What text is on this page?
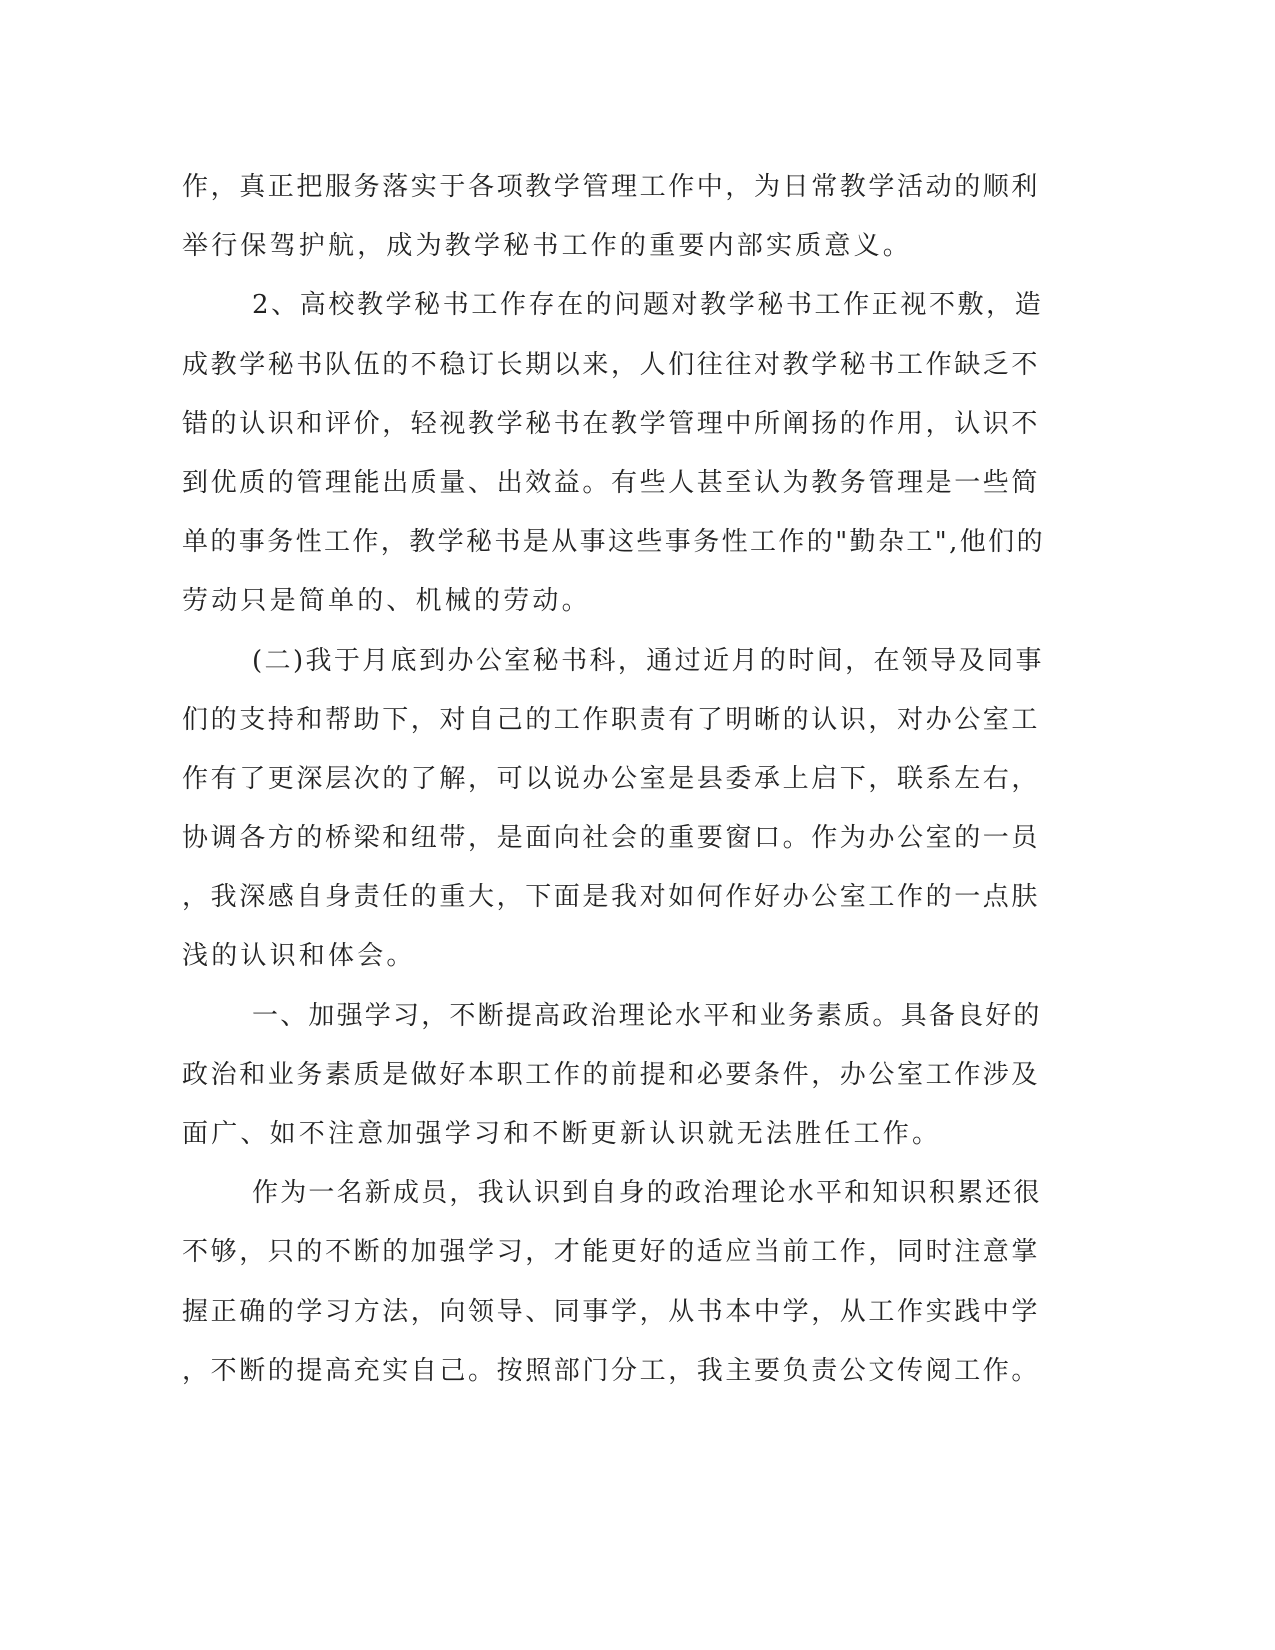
作，真正把服务落实于各项教学管理工作中，为日常教学活动的顺利
举行保驾护航，成为教学秘书工作的重要内部实质意义。
2、高校教学秘书工作存在的问题对教学秘书工作正视不敷，造
成教学秘书队伍的不稳订长期以来，人们往往对教学秘书工作缺乏不
错的认识和评价，轻视教学秘书在教学管理中所阐扬的作用，认识不
到优质的管理能出质量、出效益。有些人甚至认为教务管理是一些简
单的事务性工作，教学秘书是从事这些事务性工作的"勤杂工",他们的
劳动只是简单的、机械的劳动。
(二)我于月底到办公室秘书科，通过近月的时间，在领导及同事
们的支持和帮助下，对自己的工作职责有了明晰的认识，对办公室工
作有了更深层次的了解，可以说办公室是县委承上启下，联系左右，
协调各方的桥梁和纽带，是面向社会的重要窗口。作为办公室的一员
，我深感自身责任的重大，下面是我对如何作好办公室工作的一点肤
浅的认识和体会。
一、加强学习，不断提高政治理论水平和业务素质。具备良好的
政治和业务素质是做好本职工作的前提和必要条件，办公室工作涉及
面广、如不注意加强学习和不断更新认识就无法胜任工作。
作为一名新成员，我认识到自身的政治理论水平和知识积累还很
不够，只的不断的加强学习，才能更好的适应当前工作，同时注意掌
握正确的学习方法，向领导、同事学，从书本中学，从工作实践中学
，不断的提高充实自己。按照部门分工，我主要负责公文传阅工作。
